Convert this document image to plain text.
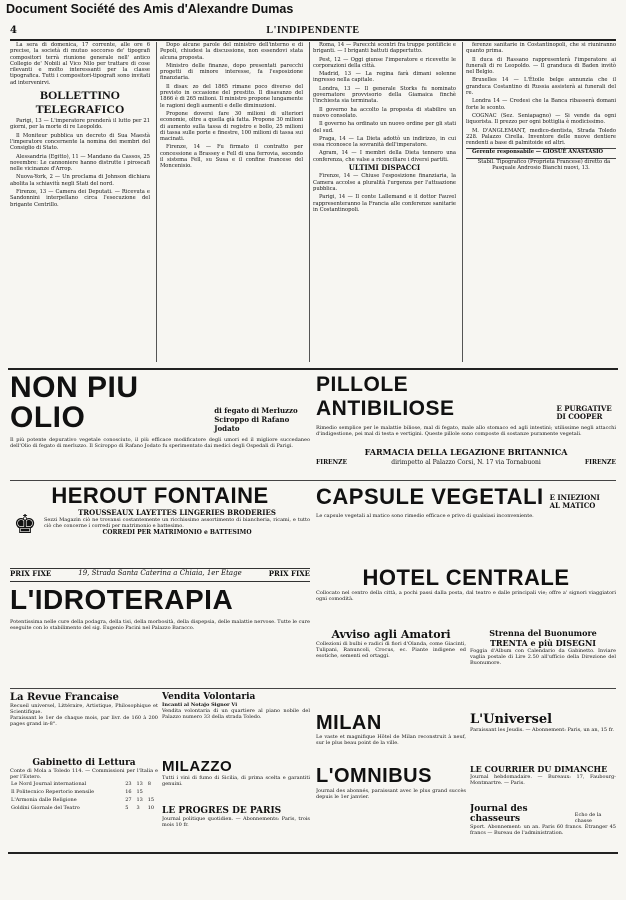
Document Société des Amis d'Alexandre Dumas
4	L'INDIPENDENTE

La sera di domenica, 17 corrente, alle ore 6 precise, la società di mutuo soccorso de' tipografi compositori terrà riunione generale nell' antico Collegio de' Nobili al Vico Nilo per trattare di cose rilevanti e molto interessanti per la classe tipografica. Tutti i compositori-tipografi sono invitati ad intervenirvi.

BOLLETTINO TELEGRAFICO

Parigi, 13 — L'imperatore prenderà il lutto per 21 giorni, per la morte di re Leopoldo.

Il Moniteur pubblica un decreto di Sua Maestà l'imperatore concernente la nomina dei membri del Consiglio di Stato.

Alessandria (Egitto), 11 — Mandano da Cassos, 25 novembre: Le cannoniere hanno distrutte i piroscafi nelle vicinanze d'Arrop.

Nuova-York, 2 — Un proclama di Johnson dichiara abolita la schiavitù negli Stati del nord.

Firenze, 13 — Camera dei Deputati. — Ricevuta e Sandonnini interpellano circa l'esecuzione del brigante Centrillo.

Dopo alcune parole del ministro dell'interno e di Pepoli, chiudesi la discussione, non essendovi stata alcuna proposta.

Ministro delle finanze, dopo presentati parecchi progetti di minore interesse, fa l'esposizione finanziaria.

Il disav. zo del 1865 rimane poco diverso del previsto in occasione del prestito. Il disavanzo del 1866 è di 265 milioni. Il ministro propone lungamente le ragioni degli aumenti e delle diminuzioni.

Propone doversi fare 30 milioni di ulteriori economie, oltre a quella già fatta. Propone 30 milioni di aumento sulla tassa di registro e bollo, 25 milioni di tassa sulle porte e finestre, 100 milioni di tassa sui macinati.

Firenze, 14 — Fu firmato il contratto per concessione a Brassey e Fell di una ferrovia, secondo il sistema Fell, su Susa e il confine francese del Moncenisio.

Roma, 14 — Parecchi scontri fra truppe pontificie e briganti. — I briganti battuti dappertutto.

Pest, 12 — Oggi giunse l'imperatore e ricevette le corporazioni della città.

Madrid, 13 — La regina farà dimani solenne ingresso nella capitale.

Londra, 13 — Il generale Storks fu nominato governatore provvisorio della Giamaica finchè l'inchiesta sia terminata.

Il governo ha accolto la proposta di stabilire un nuovo consolato.

Il governo ha ordinato un nuovo ordine per gli stati del sud.

Praga, 14 — La Dieta adottò un indirizzo, in cui essa riconosce la sovranità dell'imperatore.

Agram, 14 — I membri della Dieta tennero una conferenza, che valse a riconciliare i diversi partiti.

ULTIMI DISPACCI

Firenze, 14 — Chiuse l'esposizione finanziaria, la Camera accolse a pluralità l'urgenza per l'attuazione pubblica.

Parigi, 14 — Il conte Lallemand e il dottor Fauvel rappresenteranno la Francia alle conferenze sanitarie in Costantinopoli.

ferenze sanitarie in Costantinopoli, che si riuniranno quanto prima.

Il duca di Rassano rappresenterà l'imperatore ai funerali di re Leopoldo. — Il granduca di Baden invitò nel Belgio.

Bruxelles 14 — L'Étoile belge annunzia che il granduca Costantino di Russia assisterà ai funerali del re.

Londra 14 — Credesi che la Banca ribasserà domani forte le sconto.

COGNAC (Sez. Seniapagno) — Si vende da ogni liquorista. Il prezzo per ogni bottiglia è modicissimo.

M. D'ANGLEMANT, medico-dentista, Strada Toledo 228. Palazzo Cirella. Inventore delle nuove dentiere rendenti a base di palmitoide ed altri.

Gerente responsabile — GIOSUÈ ANASTASIO

Stabil. Tipografico (Proprietà Francese) diretto da Pasquale Androsio Bianchi nuovi, 13.

NON PIU OLIO	di fegato di Merluzzo
Sciroppo di Rafano Jodato
Il più potente depurativo vegetale conosciuto, il più efficace modificatore degli umori ed il migliore succedaneo dell'Olio di fegato di merluzzo. Il Sciroppo di Rafano Jodato fu sperimentato dai medici degli Ospedali di Parigi.
PILLOLE ANTIBILIOSE	E PURGATIVE DI COOPER
Rimedio semplice per le malattie biliose, mal di fegato, male allo stomaco ed agli intestini; utilissime negli attacchi d'indigestione, pei mal di testa e vertigini. Queste pillole sono composte di sostanze puramente vegetali.
FARMACIA DELLA LEGAZIONE BRITANNICA
FIRENZE	dirimpetto al Palazzo Corsi, N. 17 via Tornabuoni	FIRENZE
HEROUT FONTAINE
♚	TROUSSEAUX LAYETTES LINGERIES BRODERIES
Sezzi Magazin ciò ne trovansi costantemente un ricchissimo assortimento di biancheria, ricami, e tutto ciò che concerne i corredi per matrimonio e battesimo.
CORREDI PER MATRIMONIO e BATTESIMO
CAPSULE VEGETALI E INIEZIONI AL MATICO
Le capsule vegetali al matico sono rimedio efficace e privo di qualsiasi inconveniente.
PRIX FIXE	19, Strada Santa Caterina a Chiaia, 1er Etage	PRIX FIXE	HOTEL CENTRALE
Collocato nel centro della città, a pochi passi dalla posta, dal teatro e dalle principali vie; offre a' signori viaggiatori ogni comodità.
L'IDROTERAPIA
Potentissima nelle cure della podagra, della tisi, della morbosità, della dispepsia, delle malattie nervose. Tutte le cure eseguite con lo stabilimento del sig. Eugenio Pacini nel Palazzo Baracco.	Avviso agli Amatori
Collezioni di bulbi e radici di fiori d'Olanda, come Giacinti, Tulipani, Ranuncoli, Crocus, ec. Piante indigene ed esotiche, sementi ed ortaggi.
Strenna del Buonumore
TRENTA e più DISEGNI
Foggia d'Album con Calendario da Gabinetto. Inviare vaglia postale di Lire 2.50 all'ufficio della Direzione del Buonumore.
La Revue Francaise
Recueil universel, Littéraire, Artistique, Philosophique et Scientifique.
Paraissant le 1er de chaque mois, par livr. de 160 à 200 pages grand in-8°.
Vendita Volontaria
Incanti al Notajo Signor Vi
Vendita volontaria di un quartiere al piano nobile del Palazzo numero 33 della strada Toledo.	MILAN
Le vaste et magnifique Hôtel de Milan reconstruit à neuf, sur le plus beau point de la ville.
L'Universel
Paraissant les Jeudis. — Abonnement: Paris, un an, 15 fr.
Gabinetto di Lettura
Conte di Mola a Toledo 114. — Commissioni per l'Italia e per l'Estero.
Le Nord Journal international	23	13	8
Il Politecnico Repertorio mensile	16	15	
L'Armonia dalle Religione	27	13	15
Goldini Giornale del Teatro	5	3	10
MILAZZO
Tutti i vini di fumo di Sicilia, di prima scelta e garantiti genuini.
LE PROGRES DE PARIS
Journal politique quotidien. — Abonnements: Paris, trois mois 10 fr.
L'OMNIBUS
Journal des abonnés, paraissant avec le plus grand succès depuis le 1er janvier.
LE COURRIER DU DIMANCHE
Journal hebdomadaire. — Bureaux: 17, Faubourg-Montmartre. — Paris.
Journal des chasseurs	Echo de la chasse
Sport. Abonnement: un an. Paris 60 francs. Étranger 45 francs — Bureau de l'administration.
